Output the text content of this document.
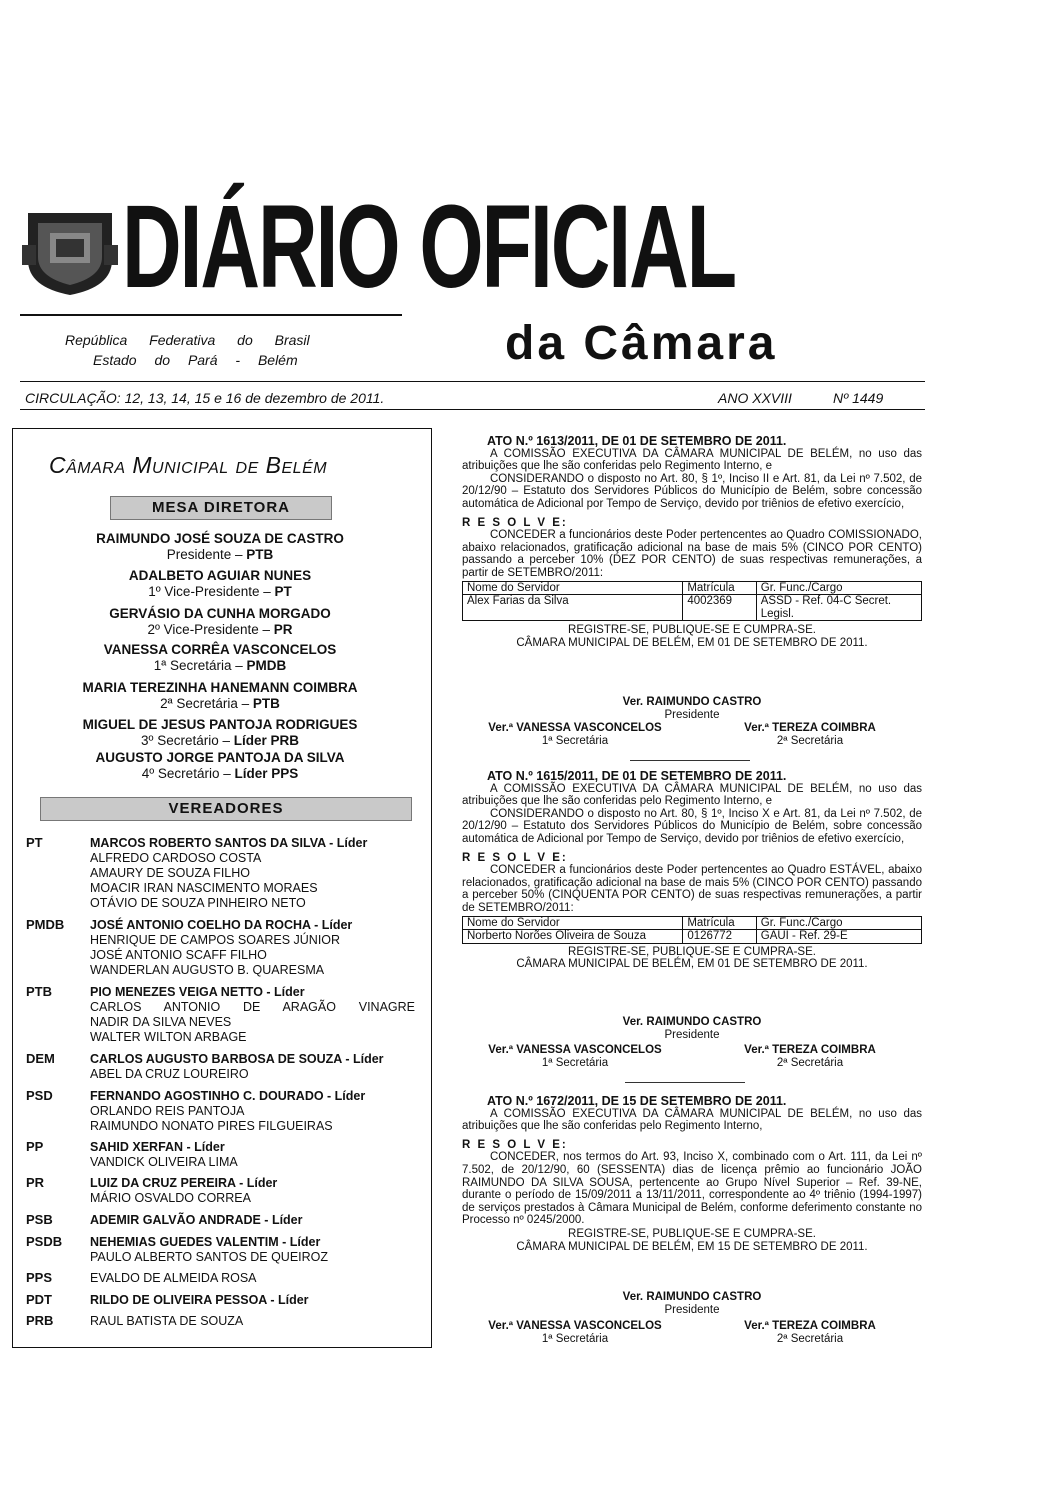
DIÁRIO OFICIAL
República Federativa do Brasil
Estado do Pará - Belém	da Câmara
CIRCULAÇÃO: 12, 13, 14, 15 e 16 de dezembro de 2011.	ANO XXVIII	Nº 1449
Câmara Municipal de Belém
MESA DIRETORA
RAIMUNDO JOSÉ SOUZA DE CASTRO
Presidente – PTB
ADALBETO AGUIAR NUNES
1º Vice-Presidente – PT
GERVÁSIO DA CUNHA MORGADO
2º Vice-Presidente – PR
VANESSA CORRÊA VASCONCELOS
1ª Secretária – PMDB
MARIA TEREZINHA HANEMANN COIMBRA
2ª Secretária – PTB
MIGUEL DE JESUS PANTOJA RODRIGUES
3º Secretário – Líder PRB
AUGUSTO JORGE PANTOJA DA SILVA
4º Secretário – Líder PPS
VEREADORES
PT	MARCOS ROBERTO SANTOS DA SILVA - Líder
ALFREDO CARDOSO COSTA
AMAURY DE SOUZA FILHO
MOACIR IRAN NASCIMENTO MORAES
OTÁVIO DE SOUZA PINHEIRO NETO
PMDB JOSÉ ANTONIO COELHO DA ROCHA - Líder
HENRIQUE DE CAMPOS SOARES JÚNIOR
JOSÉ ANTONIO SCAFF FILHO
WANDERLAN AUGUSTO B. QUARESMA
PTB	PIO MENEZES VEIGA NETTO - Líder
CARLOS ANTONIO DE ARAGÃO VINAGRE
NADIR DA SILVA NEVES
WALTER WILTON ARBAGE
DEM	CARLOS AUGUSTO BARBOSA DE SOUZA - Líder
ABEL DA CRUZ LOUREIRO
PSD	FERNANDO AGOSTINHO C. DOURADO - Líder
ORLANDO REIS PANTOJA
RAIMUNDO NONATO PIRES FILGUEIRAS
PP	SAHID XERFAN - Líder
VANDICK OLIVEIRA LIMA
PR	LUIZ DA CRUZ PEREIRA - Líder
MÁRIO OSVALDO CORREA
PSB	ADEMIR GALVÃO ANDRADE - Líder
PSDB NEHEMIAS GUEDES VALENTIM - Líder
PAULO ALBERTO SANTOS DE QUEIROZ
PPS	EVALDO DE ALMEIDA ROSA
PDT	RILDO DE OLIVEIRA PESSOA - Líder
PRB	RAUL BATISTA DE SOUZA
ATO N.º 1613/2011, DE 01 DE SETEMBRO DE 2011.
A COMISSÃO EXECUTIVA DA CÂMARA MUNICIPAL DE BELÉM, no uso das atribuições que lhe são conferidas pelo Regimento Interno, e
CONSIDERANDO o disposto no Art. 80, § 1º, Inciso II e Art. 81, da Lei nº 7.502, de 20/12/90 – Estatuto dos Servidores Públicos do Município de Belém, sobre concessão automática de Adicional por Tempo de Serviço, devido por triênios de efetivo exercício,
R E S O L V E:
CONCEDER a funcionários deste Poder pertencentes ao Quadro COMISSIONADO, abaixo relacionados, gratificação adicional na base de mais 5% (CINCO POR CENTO) passando a perceber 10% (DEZ POR CENTO) de suas respectivas remunerações, a partir de SETEMBRO/2011:
Nome do Servidor	Matrícula	Gr. Func./Cargo
Alex Farias da Silva	4002369	ASSD - Ref. 04-C Secret. Legisl.
REGISTRE-SE, PUBLIQUE-SE E CUMPRA-SE.
CÂMARA MUNICIPAL DE BELÉM, EM 01 DE SETEMBRO DE 2011.
Ver. RAIMUNDO CASTRO
Presidente
Ver.ª VANESSA VASCONCELOS
1ª Secretária
Ver.ª TEREZA COIMBRA
2ª Secretária
ATO N.º 1615/2011, DE 01 DE SETEMBRO DE 2011.
A COMISSÃO EXECUTIVA DA CÂMARA MUNICIPAL DE BELÉM, no uso das atribuições que lhe são conferidas pelo Regimento Interno, e
CONSIDERANDO o disposto no Art. 80, § 1º, Inciso X e Art. 81, da Lei nº 7.502, de 20/12/90 – Estatuto dos Servidores Públicos do Município de Belém, sobre concessão automática de Adicional por Tempo de Serviço, devido por triênios de efetivo exercício,
R E S O L V E:
CONCEDER a funcionários deste Poder pertencentes ao Quadro ESTÁVEL, abaixo relacionados, gratificação adicional na base de mais 5% (CINCO POR CENTO) passando a perceber 50% (CINQUENTA POR CENTO) de suas respectivas remunerações, a partir de SETEMBRO/2011:
Nome do Servidor	Matrícula	Gr. Func./Cargo
Norberto Norões Oliveira de Souza	0126772	GAUI - Ref. 29-E
REGISTRE-SE, PUBLIQUE-SE E CUMPRA-SE.
CÂMARA MUNICIPAL DE BELÉM, EM 01 DE SETEMBRO DE 2011.
Ver. RAIMUNDO CASTRO
Presidente
Ver.ª VANESSA VASCONCELOS
1ª Secretária
Ver.ª TEREZA COIMBRA
2ª Secretária
ATO N.º 1672/2011, DE 15 DE SETEMBRO DE 2011.
A COMISSÃO EXECUTIVA DA CÂMARA MUNICIPAL DE BELÉM, no uso das atribuições que lhe são conferidas pelo Regimento Interno,
R E S O L V E:
CONCEDER, nos termos do Art. 93, Inciso X, combinado com o Art. 111, da Lei nº 7.502, de 20/12/90, 60 (SESSENTA) dias de licença prêmio ao funcionário JOÃO RAIMUNDO DA SILVA SOUSA, pertencente ao Grupo Nível Superior – Ref. 39-NE, durante o período de 15/09/2011 a 13/11/2011, correspondente ao 4º triênio (1994-1997) de serviços prestados à Câmara Municipal de Belém, conforme deferimento constante no Processo nº 0245/2000.
REGISTRE-SE, PUBLIQUE-SE E CUMPRA-SE.
CÂMARA MUNICIPAL DE BELÉM, EM 15 DE SETEMBRO DE 2011.
Ver. RAIMUNDO CASTRO
Presidente
Ver.ª VANESSA VASCONCELOS
1ª Secretária
Ver.ª TEREZA COIMBRA
2ª Secretária
